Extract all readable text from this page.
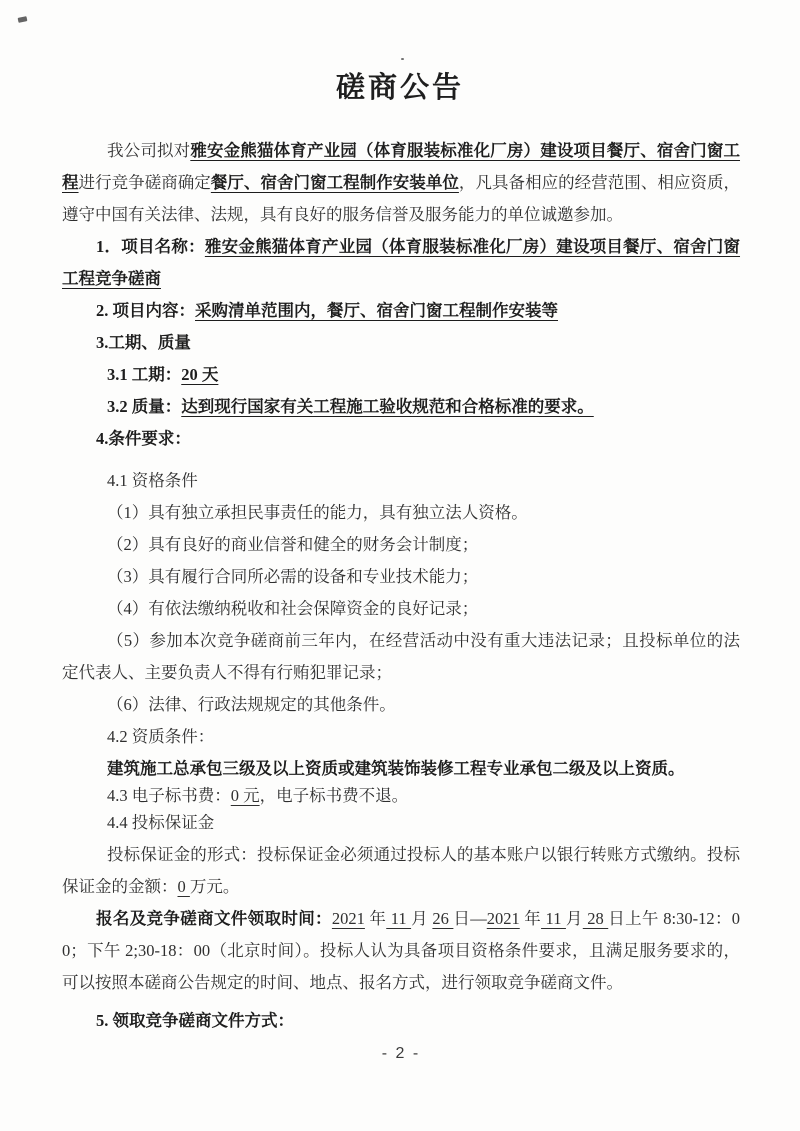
磋商公告

我公司拟对雅安金熊猫体育产业园（体育服装标准化厂房）建设项目餐厅、宿舍门窗工程进行竞争磋商确定餐厅、宿舍门窗工程制作安装单位，凡具备相应的经营范围、相应资质，遵守中国有关法律、法规，具有良好的服务信誉及服务能力的单位诚邀参加。

1．项目名称：雅安金熊猫体育产业园（体育服装标准化厂房）建设项目餐厅、宿舍门窗工程竞争磋商

2. 项目内容：采购清单范围内，餐厅、宿舍门窗工程制作安装等

3.工期、质量

3.1 工期：20 天

3.2 质量：达到现行国家有关工程施工验收规范和合格标准的要求。

4.条件要求：

4.1 资格条件

（1）具有独立承担民事责任的能力，具有独立法人资格。

（2）具有良好的商业信誉和健全的财务会计制度；

（3）具有履行合同所必需的设备和专业技术能力；

（4）有依法缴纳税收和社会保障资金的良好记录；

（5）参加本次竞争磋商前三年内，在经营活动中没有重大违法记录；且投标单位的法定代表人、主要负责人不得有行贿犯罪记录；

（6）法律、行政法规规定的其他条件。

4.2 资质条件：

建筑施工总承包三级及以上资质或建筑装饰装修工程专业承包二级及以上资质。

4.3 电子标书费：0 元，电子标书费不退。

4.4 投标保证金

投标保证金的形式：投标保证金必须通过投标人的基本账户以银行转账方式缴纳。投标保证金的金额：0 万元。

报名及竞争磋商文件领取时间：2021 年 11 月 26 日—2021 年 11 月 28 日上午 8:30-12：00；下午 2;30-18：00（北京时间）。投标人认为具备项目资格条件要求，且满足服务要求的，可以按照本磋商公告规定的时间、地点、报名方式，进行领取竞争磋商文件。

5. 领取竞争磋商文件方式：

- 2 -
